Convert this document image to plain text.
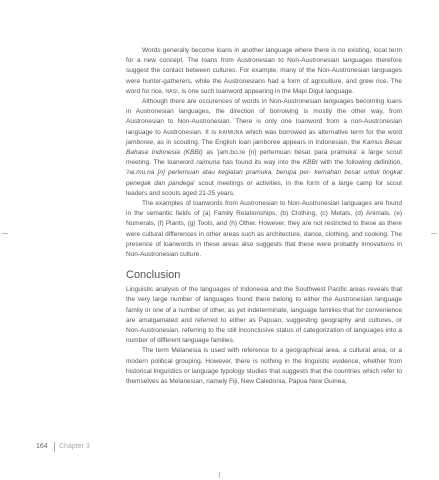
Words generally become loans in another language where there is no existing, local term for a new concept. The loans from Austronesian to Non-Austronesian languages therefore suggest the contact between cultures. For example, many of the Non-Austronesian languages were hunter-gatherers, while the Austronesians had a form of agriculture, and grew rice. The word for rice, nasi, is one such loanword appearing in the Mapi Digul language.

Although there are occurences of words in Non-Austronesian languages becoming loans in Austronesian languages, the direction of borrowing is mostly the other way, from Austronesian to Non-Austronesian. There is only one loanword from a non-Austronesian language to Austronesian. It is raimuna which was borrowed as alternative term for the word jamboree, as in scouting. The English loan jamboree appears in Indonesian, the Kamus Besar Bahasa Indonesia (KBBI) as 'jam.bo.re [n] pertemuan besar para pramuka' a large scout meeting. The loanword raimuna has found its way into the KBBI with the following definition, 'rai.mu.na [n] pertemuan atau kegiatan pramuka, berupa per- kemahan besar untuk tingkat penegak dan pandega' scout meetings or activities, in the form of a large camp for scout leaders and scouts aged 21-25 years.

The examples of loanwords from Austronesian to Non-Austronesian languages are found in the semantic fields of (a) Family Relationships, (b) Clothing, (c) Metals, (d) Animals, (e) Numerals, (f) Plants, (g) Tools, and (h) Other. However, they are not restricted to these as there were cultural differences in other areas such as architecture, dance, clothing, and cooking. The presence of loanwords in these areas also suggests that these were probably innovations in Non-Austronesian culture.

Conclusion

Linguistic analysis of the languages of Indonesia and the Southwest Pacific areas reveals that the very large number of languages found there belong to either the Austronesian language family or one of a number of other, as yet indeterminate, language families that for convenience are amalgamated and referred to either as Papuan, suggesting geography and cultures, or Non-Austronesian, referring to the still inconclusive status of categorization of languages into a number of different language families.

The term Melanesia is used with reference to a geographical area, a cultural area, or a modern political grouping. However, there is nothing in the linguistic evidence, whether from historical linguistics or language typology studies that suggests that the countries which refer to themselves as Melanesian, namely Fiji, New Caledonia, Papua New Guinea,

164 Chapter 3
